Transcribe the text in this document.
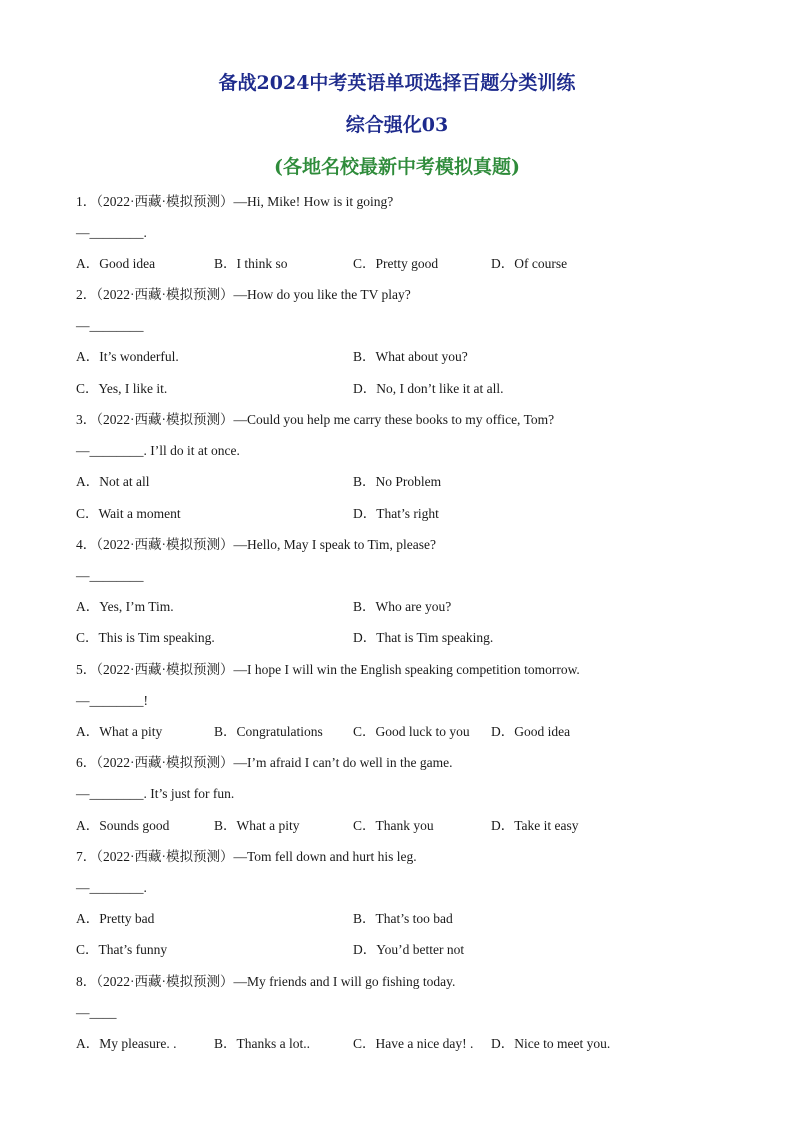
备战2024中考英语单项选择百题分类训练
综合强化03
(各地名校最新中考模拟真题)
1．（2022·西藏·模拟预测）—Hi, Mike! How is it going?
—________.
A．Good idea	B．I think so	C．Pretty good	D．Of course
2．（2022·西藏·模拟预测）—How do you like the TV play?
—________
A．It’s wonderful.	B．What about you?
C．Yes, I like it.	D．No, I don’t like it at all.
3．（2022·西藏·模拟预测）—Could you help me carry these books to my office, Tom?
—________. I’ll do it at once.
A．Not at all	B．No Problem
C．Wait a moment	D．That’s right
4．（2022·西藏·模拟预测）—Hello, May I speak to Tim, please?
—________
A．Yes, I’m Tim.	B．Who are you?
C．This is Tim speaking.	D．That is Tim speaking.
5．（2022·西藏·模拟预测）—I hope I will win the English speaking competition tomorrow.
—________!
A．What a pity	B．Congratulations C．Good luck to you D．Good idea
6．（2022·西藏·模拟预测）—I’m afraid I can’t do well in the game.
—________. It’s just for fun.
A．Sounds good	B．What a pity	C．Thank you	D．Take it easy
7．（2022·西藏·模拟预测）—Tom fell down and hurt his leg.
—________.
A．Pretty bad	B．That’s too bad
C．That’s funny	D．You’d better not
8．（2022·西藏·模拟预测）—My friends and I will go fishing today.
—____
A．My pleasure. .	B．Thanks a lot..	C．Have a nice day! . D．Nice to meet you.
